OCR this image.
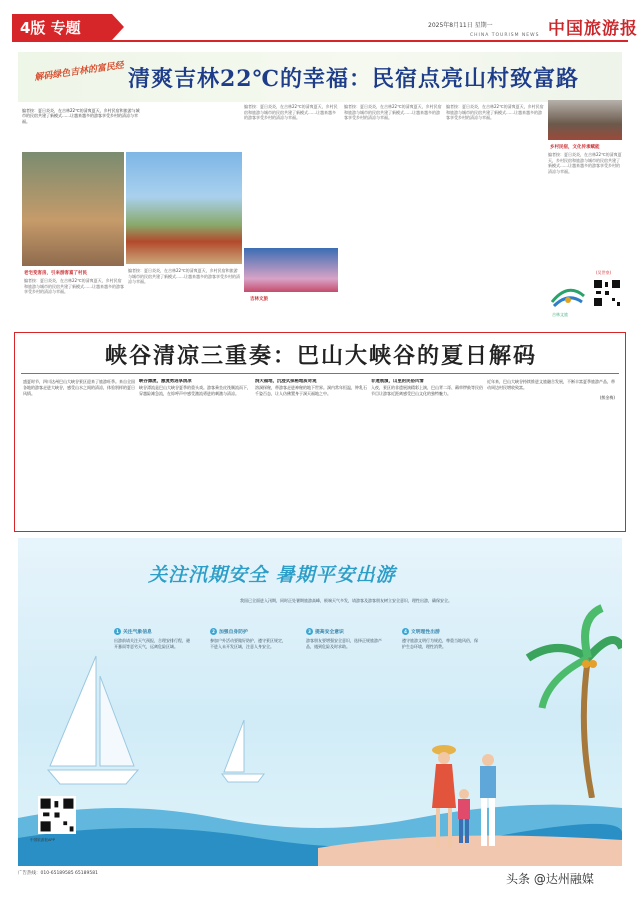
4版 专题	2025年8月11日 星期一
CHINA TOURISM NEWS 中国旅游报
解码绿色吉林的富民经 清爽吉林22℃的幸福：民宿点亮山村致富路
编者按：夏日炎炎，在吉林22℃的清爽夏天，乡村民宿和旅游与城市的民宿共建了新模式……让越来越多的游客享受乡村的清凉与幸福。
老宅变客房，引来游客富了村民
编者按：夏日炎炎，在吉林22℃的清爽夏天，乡村民宿和旅游与城市的民宿共建了新模式……让越来越多的游客享受乡村的清凉与幸福。
编者按：夏日炎炎，在吉林22℃的清爽夏天，乡村民宿和旅游与城市的民宿共建了新模式……让越来越多的游客享受乡村的清凉与幸福。
编者按：夏日炎炎，在吉林22℃的清爽夏天，乡村民宿和旅游与城市的民宿共建了新模式……让越来越多的游客享受乡村的清凉与幸福。
吉林文旅
编者按：夏日炎炎，在吉林22℃的清爽夏天，乡村民宿和旅游与城市的民宿共建了新模式……让越来越多的游客享受乡村的清凉与幸福。
编者按：夏日炎炎，在吉林22℃的清爽夏天，乡村民宿和旅游与城市的民宿共建了新模式……让越来越多的游客享受乡村的清凉与幸福。
乡村民宿，文化传承赋能
编者按：夏日炎炎，在吉林22℃的清爽夏天，乡村民宿和旅游与城市的民宿共建了新模式……让越来越多的游客享受乡村的清凉与幸福。
(吴世豪)
吉林文旅
峡谷清凉三重奏：巴山大峡谷的夏日解码
盛夏时节，四川达州巴山大峡谷景区迎来了旅游旺季。来自全国各地的游客走进大峡谷，感受山水之间的清凉，体验别样的夏日风情。
峡谷漂流，激流勇进享清凉
峡谷漂流是巴山大峡谷夏季的重头戏。游客乘坐皮筏顺流而下，穿越险滩急流，在惊呼声中感受激流勇进的刺激与清凉。
洞天福地，沉浸式探秘地质奇观
溶洞探秘，带游客走进神秘的地下世界。洞内常年恒温，钟乳石千姿百态，让人仿佛置身于洞天福地之中。
非遗展演，山里的民俗风情
入夜，景区的非遗展演精彩上演，巴山背二哥、薅草锣鼓等民俗节目让游客近距离感受巴山文化的独特魅力。
近年来，巴山大峡谷持续推进文旅融合发展，不断丰富夏季旅游产品，带动周边村民增收致富。
(熊金梅)
关注汛期安全 暑期平安出游
我国已全面进入汛期，同时正处暑期旅游高峰，极端天气多发，请游客及游客朋友树立安全意识，理性出游，确保安全。
1 关注气象信息
出游前请关注天气预报，合理安排行程，避开暴雨等恶劣天气，远离危险区域。
2 加强自身防护
参加户外活动要做好防护，遵守景区规定，不进入未开发区域，注意人身安全。
3 提高安全意识
游客朋友要增强安全意识，选择正规旅游产品，遇到危险及时求助。
4 文明理性出游
遵守旅游文明行为规范，尊重当地风俗，保护生态环境，理性消费。
中国旅游报APP
广告热线：010-65189585 65189581	头条 @达州融媒
